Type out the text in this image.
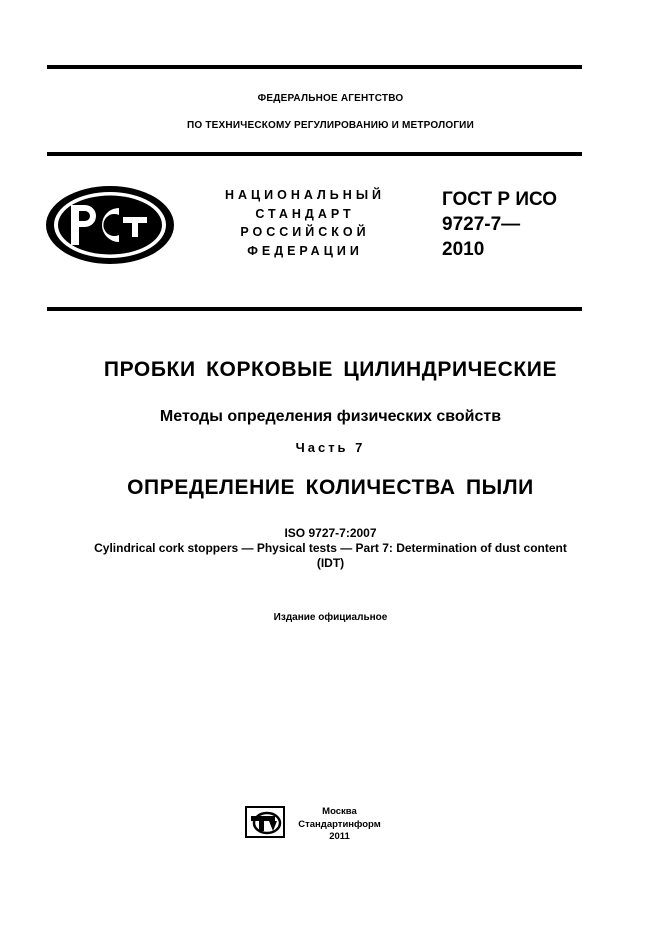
ФЕДЕРАЛЬНОЕ АГЕНТСТВО
ПО ТЕХНИЧЕСКОМУ РЕГУЛИРОВАНИЮ И МЕТРОЛОГИИ
НАЦИОНАЛЬНЫЙ
СТАНДАРТ
РОССИЙСКОЙ
ФЕДЕРАЦИИ
ГОСТ Р ИСО
9727-7—
2010
ПРОБКИ КОРКОВЫЕ ЦИЛИНДРИЧЕСКИЕ
Методы определения физических свойств
Часть 7
ОПРЕДЕЛЕНИЕ КОЛИЧЕСТВА ПЫЛИ
ISO 9727-7:2007
Cylindrical cork stoppers — Physical tests — Part 7: Determination of dust content
(IDT)
Издание официальное
Москва
Стандартинформ
2011
